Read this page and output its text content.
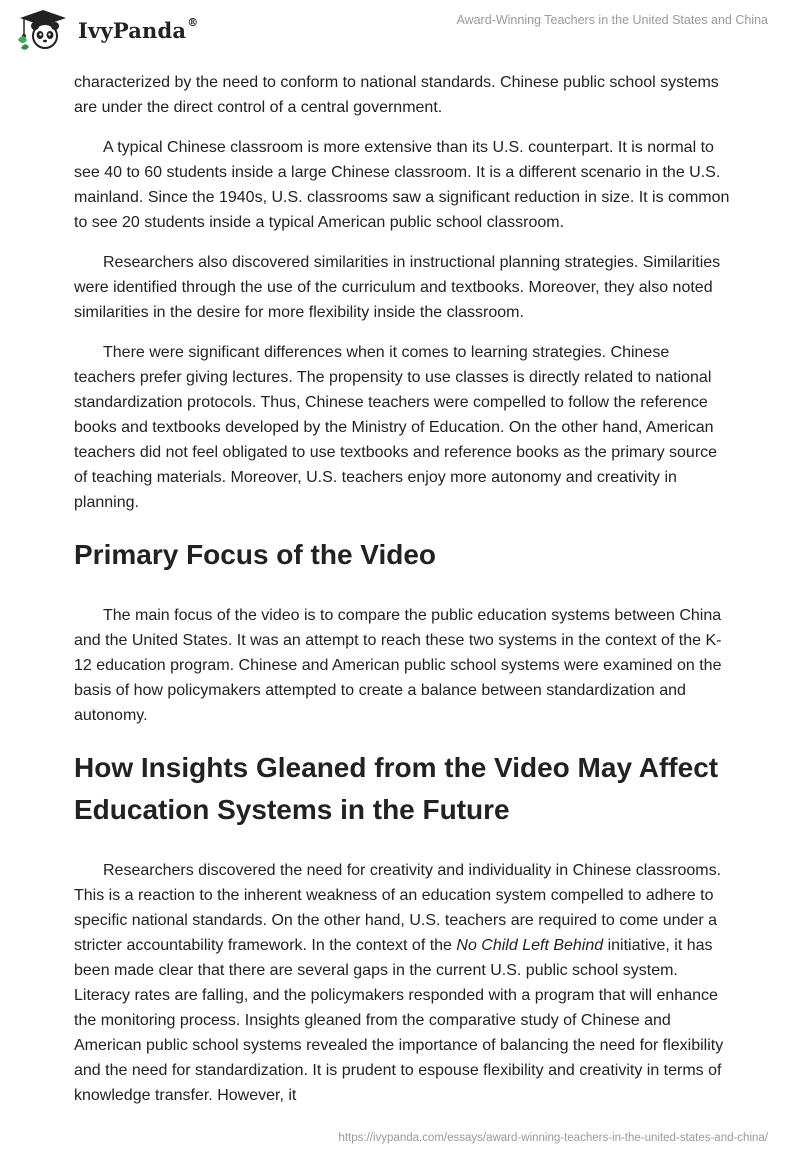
IvyPanda®	Award-Winning Teachers in the United States and China

characterized by the need to conform to national standards. Chinese public school systems are under the direct control of a central government.

A typical Chinese classroom is more extensive than its U.S. counterpart. It is normal to see 40 to 60 students inside a large Chinese classroom. It is a different scenario in the U.S. mainland. Since the 1940s, U.S. classrooms saw a significant reduction in size. It is common to see 20 students inside a typical American public school classroom.

Researchers also discovered similarities in instructional planning strategies. Similarities were identified through the use of the curriculum and textbooks. Moreover, they also noted similarities in the desire for more flexibility inside the classroom.

There were significant differences when it comes to learning strategies. Chinese teachers prefer giving lectures. The propensity to use classes is directly related to national standardization protocols. Thus, Chinese teachers were compelled to follow the reference books and textbooks developed by the Ministry of Education. On the other hand, American teachers did not feel obligated to use textbooks and reference books as the primary source of teaching materials. Moreover, U.S. teachers enjoy more autonomy and creativity in planning.

Primary Focus of the Video

The main focus of the video is to compare the public education systems between China and the United States. It was an attempt to reach these two systems in the context of the K-12 education program. Chinese and American public school systems were examined on the basis of how policymakers attempted to create a balance between standardization and autonomy.

How Insights Gleaned from the Video May Affect Education Systems in the Future

Researchers discovered the need for creativity and individuality in Chinese classrooms. This is a reaction to the inherent weakness of an education system compelled to adhere to specific national standards. On the other hand, U.S. teachers are required to come under a stricter accountability framework. In the context of the No Child Left Behind initiative, it has been made clear that there are several gaps in the current U.S. public school system. Literacy rates are falling, and the policymakers responded with a program that will enhance the monitoring process. Insights gleaned from the comparative study of Chinese and American public school systems revealed the importance of balancing the need for flexibility and the need for standardization. It is prudent to espouse flexibility and creativity in terms of knowledge transfer. However, it

https://ivypanda.com/essays/award-winning-teachers-in-the-united-states-and-china/
